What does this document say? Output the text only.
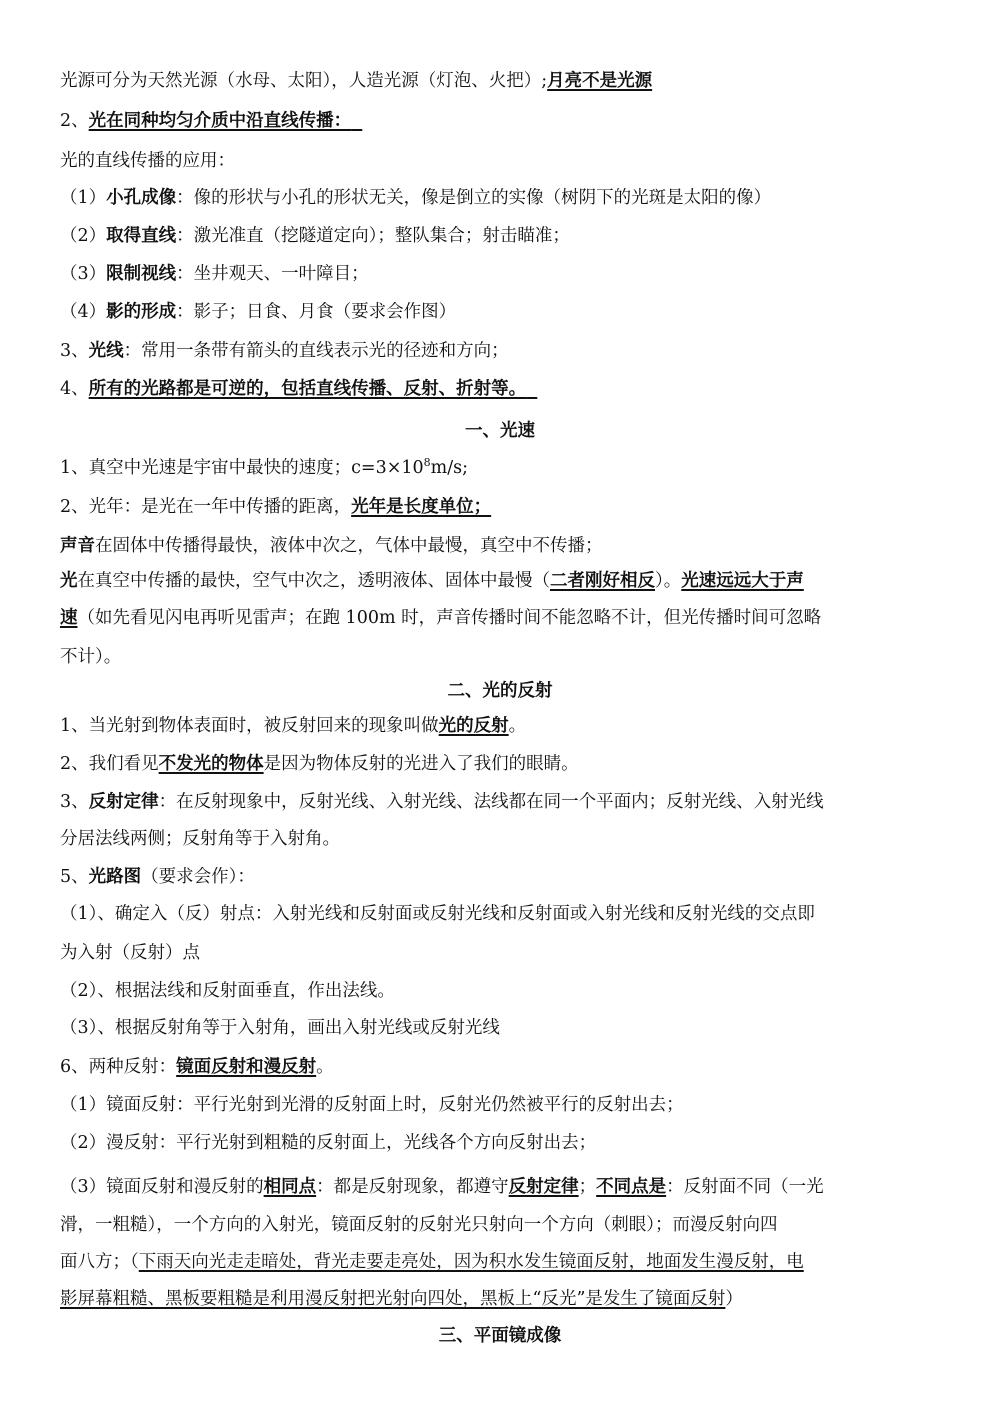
光源可分为天然光源（水母、太阳），人造光源（灯泡、火把）;月亮不是光源

2、光在同种均匀介质中沿直线传播：

光的直线传播的应用：

（1）小孔成像：像的形状与小孔的形状无关，像是倒立的实像（树阴下的光斑是太阳的像）

（2）取得直线：激光准直（挖隧道定向）；整队集合；射击瞄准；

（3）限制视线：坐井观天、一叶障目；

（4）影的形成：影子；日食、月食（要求会作图）

3、光线：常用一条带有箭头的直线表示光的径迹和方向；

4、所有的光路都是可逆的，包括直线传播、反射、折射等。

一、光速

1、真空中光速是宇宙中最快的速度；$c=3\times 10^8m/s$;

2、光年：是光在一年中传播的距离，光年是长度单位；

声音在固体中传播得最快，液体中次之，气体中最慢，真空中不传播；

光在真空中传播的最快，空气中次之，透明液体、固体中最慢（二者刚好相反）。光速远远大于声

速（如先看见闪电再听见雷声；在跑 100m 时，声音传播时间不能忽略不计，但光传播时间可忽略

不计）。

二、光的反射

1、当光射到物体表面时，被反射回来的现象叫做光的反射。

2、我们看见不发光的物体是因为物体反射的光进入了我们的眼睛。

3、反射定律：在反射现象中，反射光线、入射光线、法线都在同一个平面内；反射光线、入射光线

分居法线两侧；反射角等于入射角。

5、光路图（要求会作）：

（1）、确定入（反）射点：入射光线和反射面或反射光线和反射面或入射光线和反射光线的交点即

为入射（反射）点

（2）、根据法线和反射面垂直，作出法线。

（3）、根据反射角等于入射角，画出入射光线或反射光线

6、两种反射：镜面反射和漫反射。

（1）镜面反射：平行光射到光滑的反射面上时，反射光仍然被平行的反射出去；

（2）漫反射：平行光射到粗糙的反射面上，光线各个方向反射出去；

（3）镜面反射和漫反射的相同点：都是反射现象，都遵守反射定律；不同点是：反射面不同（一光

滑，一粗糙），一个方向的入射光，镜面反射的反射光只射向一个方向（刺眼）；而漫反射向四

面八方；（下雨天向光走走暗处，背光走要走亮处，因为积水发生镜面反射，地面发生漫反射，电

影屏幕粗糙、黑板要粗糙是利用漫反射把光射向四处，黑板上“反光”是发生了镜面反射）

三、平面镜成像
